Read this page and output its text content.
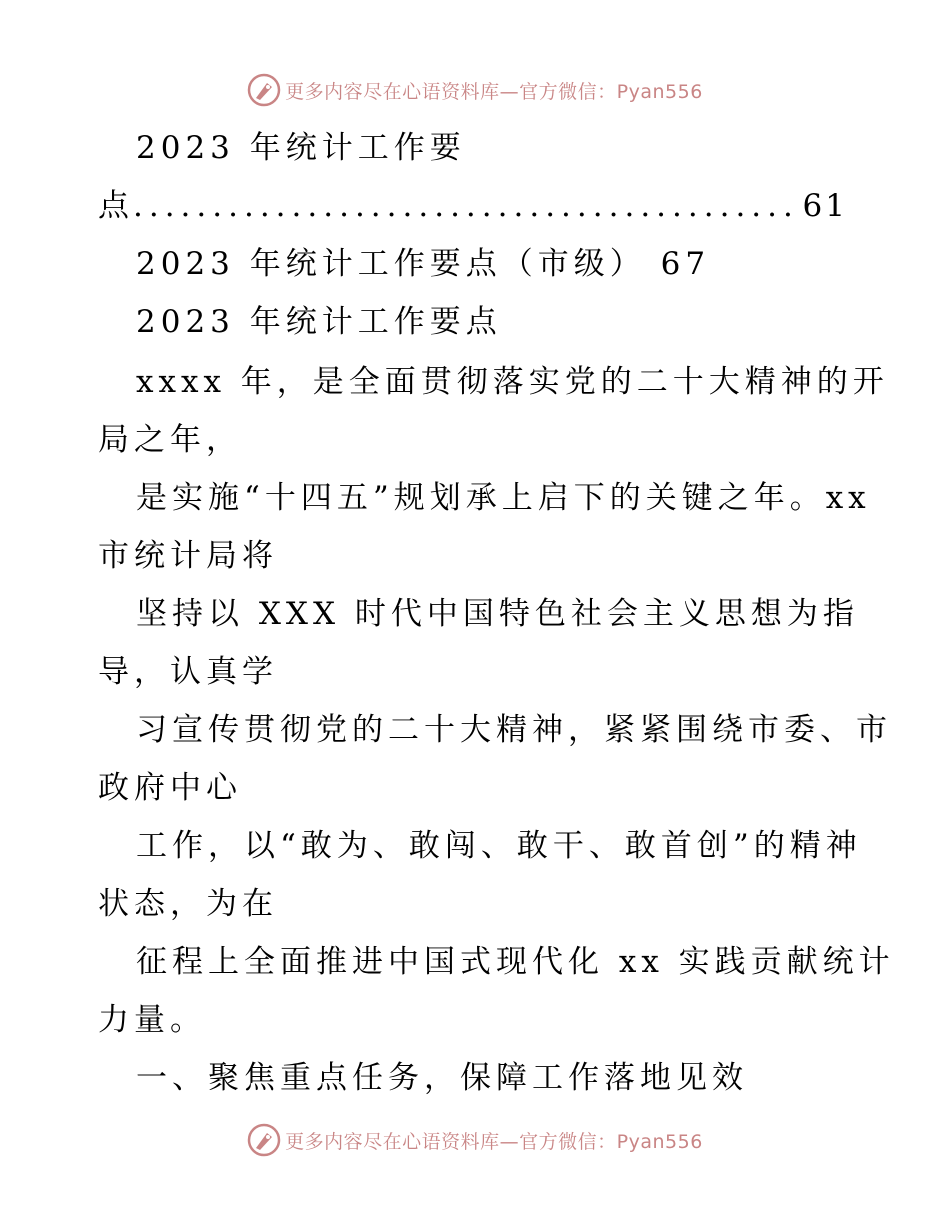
更多内容尽在心语资料库—官方微信：Pyan556
2023 年统计工作要
点
.....	61
2023 年统计工作要点（市级） 67
2023 年统计工作要点
xxxx 年，是全面贯彻落实党的二十大精神的开
局之年，
是实施“十四五”规划承上启下的关键之年。xx
市统计局将
坚持以 XXX 时代中国特色社会主义思想为指
导，认真学
习宣传贯彻党的二十大精神，紧紧围绕市委、市
政府中心
工作，以“敢为、敢闯、敢干、敢首创”的精神
状态，为在
征程上全面推进中国式现代化 xx 实践贡献统计
力量。
一、聚焦重点任务，保障工作落地见效
更多内容尽在心语资料库—官方微信：Pyan556
